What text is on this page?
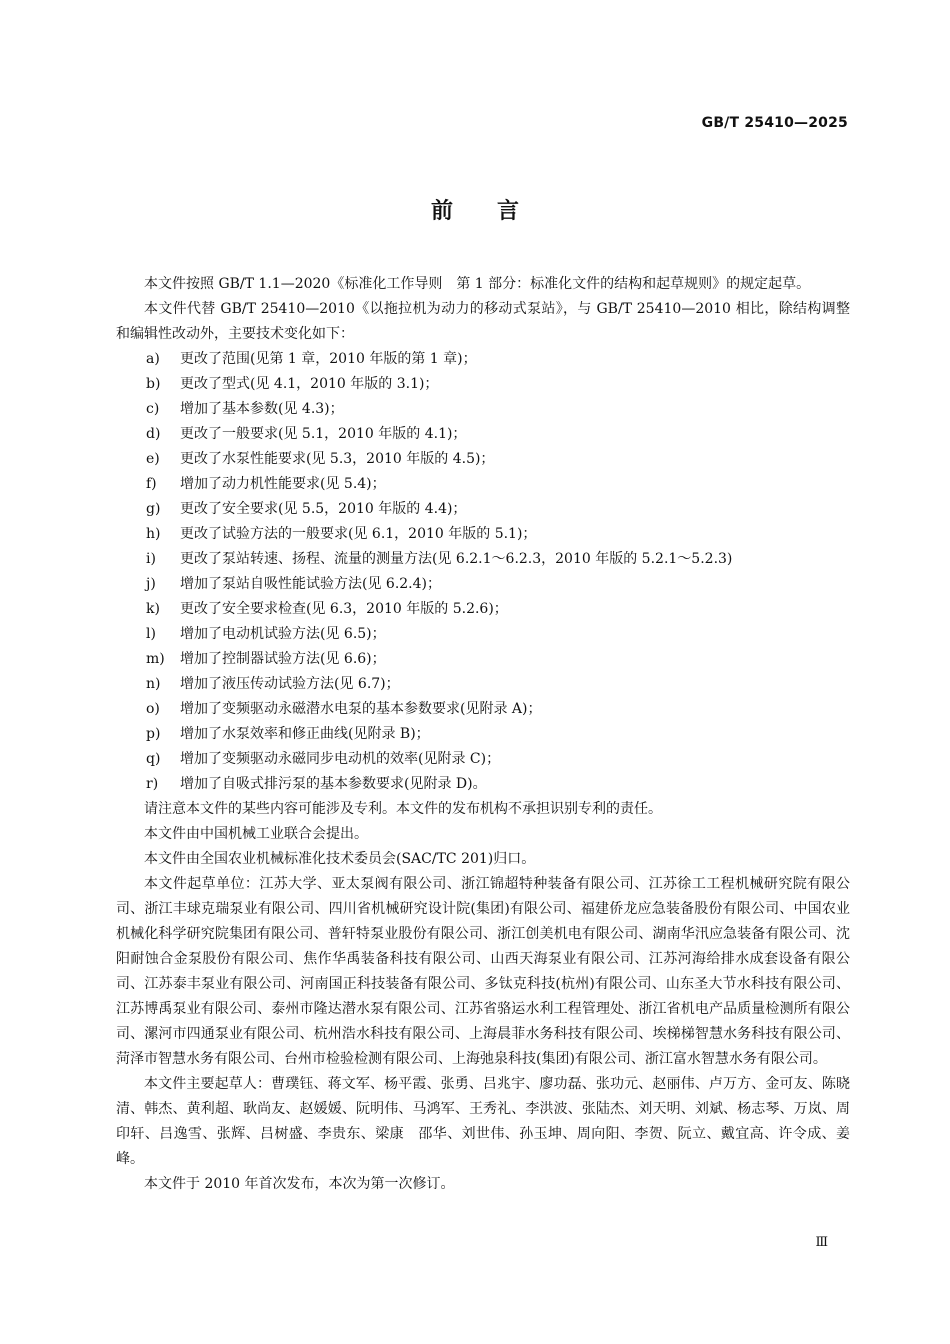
GB/T 25410—2025
前　　言

本文件按照 GB/T 1.1—2020《标准化工作导则　第 1 部分：标准化文件的结构和起草规则》的规定起草。

本文件代替 GB/T 25410—2010《以拖拉机为动力的移动式泵站》，与 GB/T 25410—2010 相比，除结构调整和编辑性改动外，主要技术变化如下：

a)	更改了范围(见第 1 章，2010 年版的第 1 章)；
b)	更改了型式(见 4.1，2010 年版的 3.1)；
c)	增加了基本参数(见 4.3)；
d)	更改了一般要求(见 5.1，2010 年版的 4.1)；
e)	更改了水泵性能要求(见 5.3，2010 年版的 4.5)；
f)	增加了动力机性能要求(见 5.4)；
g)	更改了安全要求(见 5.5，2010 年版的 4.4)；
h)	更改了试验方法的一般要求(见 6.1，2010 年版的 5.1)；
i)	更改了泵站转速、扬程、流量的测量方法(见 6.2.1～6.2.3，2010 年版的 5.2.1～5.2.3)
j)	增加了泵站自吸性能试验方法(见 6.2.4)；
k)	更改了安全要求检查(见 6.3，2010 年版的 5.2.6)；
l)	增加了电动机试验方法(见 6.5)；
m)	增加了控制器试验方法(见 6.6)；
n)	增加了液压传动试验方法(见 6.7)；
o)	增加了变频驱动永磁潜水电泵的基本参数要求(见附录 A)；
p)	增加了水泵效率和修正曲线(见附录 B)；
q)	增加了变频驱动永磁同步电动机的效率(见附录 C)；
r)	增加了自吸式排污泵的基本参数要求(见附录 D)。

请注意本文件的某些内容可能涉及专利。本文件的发布机构不承担识别专利的责任。

本文件由中国机械工业联合会提出。

本文件由全国农业机械标准化技术委员会(SAC/TC 201)归口。

本文件起草单位：江苏大学、亚太泵阀有限公司、浙江锦超特种装备有限公司、江苏徐工工程机械研究院有限公司、浙江丰球克瑞泵业有限公司、四川省机械研究设计院(集团)有限公司、福建侨龙应急装备股份有限公司、中国农业机械化科学研究院集团有限公司、普轩特泵业股份有限公司、浙江创美机电有限公司、湖南华汛应急装备有限公司、沈阳耐蚀合金泵股份有限公司、焦作华禹装备科技有限公司、山西天海泵业有限公司、江苏河海给排水成套设备有限公司、江苏泰丰泵业有限公司、河南国正科技装备有限公司、多钛克科技(杭州)有限公司、山东圣大节水科技有限公司、江苏博禹泵业有限公司、泰州市隆达潜水泵有限公司、江苏省骆运水利工程管理处、浙江省机电产品质量检测所有限公司、漯河市四通泵业有限公司、杭州浩水科技有限公司、上海晨菲水务科技有限公司、埃梯梯智慧水务科技有限公司、菏泽市智慧水务有限公司、台州市检验检测有限公司、上海弛泉科技(集团)有限公司、浙江富水智慧水务有限公司。

本文件主要起草人：曹璞钰、蒋文军、杨平霞、张勇、吕兆宇、廖功磊、张功元、赵丽伟、卢万方、金可友、陈晓清、韩杰、黄利超、耿尚友、赵媛媛、阮明伟、马鸿军、王秀礼、李洪波、张陆杰、刘天明、刘斌、杨志琴、万岚、周印轩、吕逸雪、张辉、吕树盛、李贵东、梁康　邵华、刘世伟、孙玉坤、周向阳、李贺、阮立、戴宜高、许令成、姜峰。

本文件于 2010 年首次发布，本次为第一次修订。

Ⅲ
